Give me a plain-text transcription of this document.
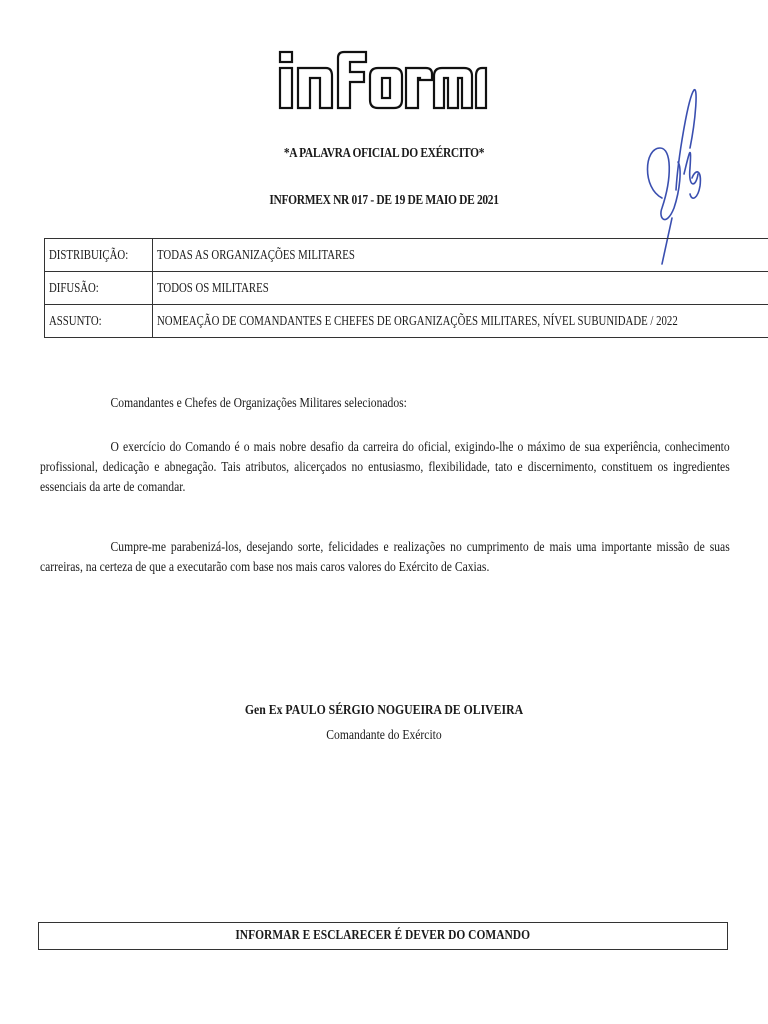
*A PALAVRA OFICIAL DO EXÉRCITO*
INFORMEX NR 017 - DE 19 DE MAIO DE 2021
DISTRIBUIÇÃO:	TODAS AS ORGANIZAÇÕES MILITARES
DIFUSÃO:	TODOS OS MILITARES
ASSUNTO:	NOMEAÇÃO DE COMANDANTES E CHEFES DE ORGANIZAÇÕES MILITARES, NÍVEL SUBUNIDADE / 2022
Comandantes e Chefes de Organizações Militares selecionados:
O exercício do Comando é o mais nobre desafio da carreira do oficial, exigindo-lhe o máximo de sua experiência, conhecimento profissional, dedicação e abnegação. Tais atributos, alicerçados no entusiasmo, flexibilidade, tato e discernimento, constituem os ingredientes essenciais da arte de comandar.
Cumpre-me parabenizá-los, desejando sorte, felicidades e realizações no cumprimento de mais uma importante missão de suas carreiras, na certeza de que a executarão com base nos mais caros valores do Exército de Caxias.
Gen Ex PAULO SÉRGIO NOGUEIRA DE OLIVEIRA
Comandante do Exército
INFORMAR E ESCLARECER É DEVER DO COMANDO
